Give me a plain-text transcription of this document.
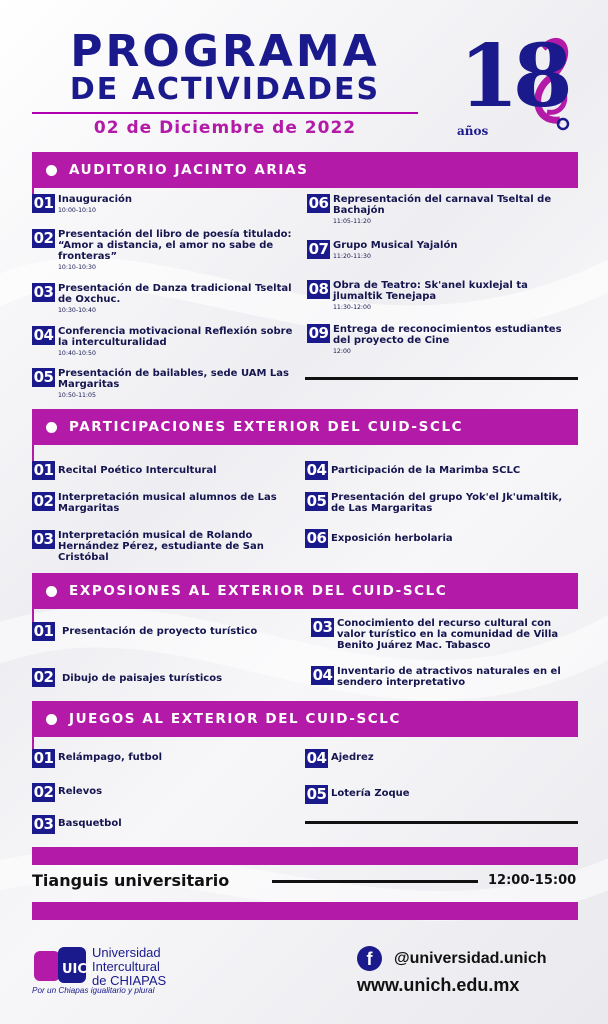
PROGRAMA
DE ACTIVIDADES
02 de Diciembre de 2022
18
años
AUDITORIO JACINTO ARIAS
01 Inauguración
10:00-10:10
02 Presentación del libro de poesía titulado: “Amor a distancia, el amor no sabe de fronteras”
10:10-10:30
03 Presentación de Danza tradicional Tseltal de Oxchuc.
10:30-10:40
04 Conferencia motivacional Reflexión sobre la interculturalidad
10:40-10:50
05 Presentación de bailables, sede UAM Las Margaritas
10:50-11:05
06 Representación del carnaval Tseltal de Bachajón
11:05-11:20
07 Grupo Musical Yajalón
11:20-11:30
08 Obra de Teatro: Sk'anel kuxlejal ta jlumaltik Tenejapa
11:30-12:00
09 Entrega de reconocimientos estudiantes del proyecto de Cine
12:00
PARTICIPACIONES EXTERIOR DEL CUID-SCLC
01 Recital Poético Intercultural
02 Interpretación musical alumnos de Las Margaritas
03 Interpretación musical de Rolando Hernández Pérez, estudiante de San Cristóbal
04 Participación de la Marimba SCLC
05 Presentación del grupo Yok'el Jk'umaltik, de Las Margaritas
06 Exposición herbolaria
EXPOSIONES AL EXTERIOR DEL CUID-SCLC
01 Presentación de proyecto turístico
02 Dibujo de paisajes turísticos
03 Conocimiento del recurso cultural con valor turístico en la comunidad de Villa Benito Juárez Mac. Tabasco
04 Inventario de atractivos naturales en el sendero interpretativo
JUEGOS AL EXTERIOR DEL CUID-SCLC
01 Relámpago, futbol
02 Relevos
03 Basquetbol
04 Ajedrez
05 Lotería Zoque
Tianguis universitario	12:00-15:00
UICH
Universidad
Intercultural
de CHIAPAS
Por un Chiapas igualitario y plural
f	@universidad.unich
www.unich.edu.mx
